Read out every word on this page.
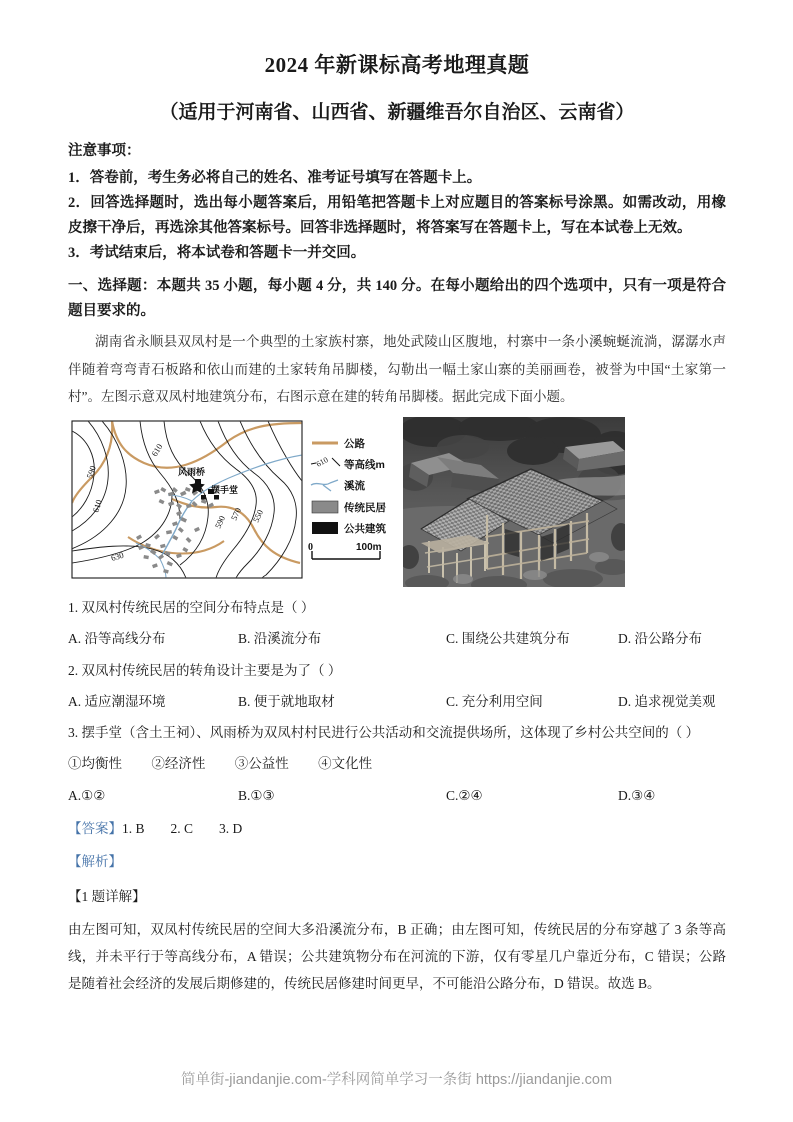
2024 年新课标高考地理真题
（适用于河南省、山西省、新疆维吾尔自治区、云南省）
注意事项：

1．答卷前，考生务必将自己的姓名、准考证号填写在答题卡上。

2．回答选择题时，选出每小题答案后，用铅笔把答题卡上对应题目的答案标号涂黑。如需改动，用橡皮擦干净后，再选涂其他答案标号。回答非选择题时，将答案写在答题卡上，写在本试卷上无效。

3．考试结束后，将本试卷和答题卡一并交回。

一、选择题：本题共 35 小题，每小题 4 分，共 140 分。在每小题给出的四个选项中，只有一项是符合题目要求的。
湖南省永顺县双凤村是一个典型的土家族村寨，地处武陵山区腹地，村寨中一条小溪蜿蜒流淌，潺潺水声伴随着弯弯青石板路和依山而建的土家转角吊脚楼，勾勒出一幅土家山寨的美丽画卷，被誉为中国“土家第一村”。左图示意双凤村地建筑分布，右图示意在建的转角吊脚楼。据此完成下面小题。
590
610
610
630
590
570 550
风雨桥
摆手堂
公路
610 等高线m
溪流
传统民居
公共建筑
0	100m
1. 双凤村传统民居的空间分布特点是（ ）
A. 沿等高线分布	B. 沿溪流分布	C. 围绕公共建筑分布	D. 沿公路分布
2. 双凤村传统民居的转角设计主要是为了（ ）
A. 适应潮湿环境	B. 便于就地取材	C. 充分利用空间	D. 追求视觉美观
3. 摆手堂（含土王祠）、风雨桥为双凤村村民进行公共活动和交流提供场所，这体现了乡村公共空间的（ ）
①均衡性 ②经济性 ③公益性 ④文化性
A.①②	B.①③	C.②④	D.③④
【答案】1. B 2. C 3. D
【解析】
【1 题详解】
由左图可知，双凤村传统民居的空间大多沿溪流分布，B 正确；由左图可知，传统民居的分布穿越了 3 条等高线，并未平行于等高线分布，A 错误；公共建筑物分布在河流的下游，仅有零星几户靠近分布，C 错误；公路是随着社会经济的发展后期修建的，传统民居修建时间更早，不可能沿公路分布，D 错误。故选 B。
简单街-jiandanjie.com-学科网简单学习一条街 https://jiandanjie.com
